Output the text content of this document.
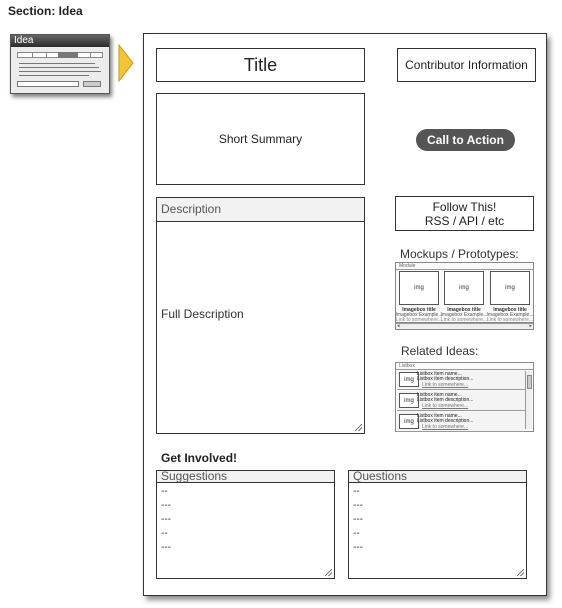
Section: Idea
Idea
Title	Contributor Information
Short Summary	Call to Action
Description
Full Description
Follow This!
RSS / API / etc
Mockups / Prototypes:
Module
img
Imagebox title
Imagebox Example...
Link to somewhere...
img
Imagebox title
Imagebox Example...
Link to somewhere...
img
Imagebox title
Imagebox Example...
Link to somewhere...
◂	▸
Related Ideas:
Listbox
img
Listbox item name...
Listbox item description...
Link to somewhere...
img
Listbox item name...
Listbox item description...
Link to somewhere...
img
Listbox item name...
Listbox item description...
Link to somewhere...
Get Involved!
Suggestions
--
---
---
--
---
Questions
--
---
---
--
---
